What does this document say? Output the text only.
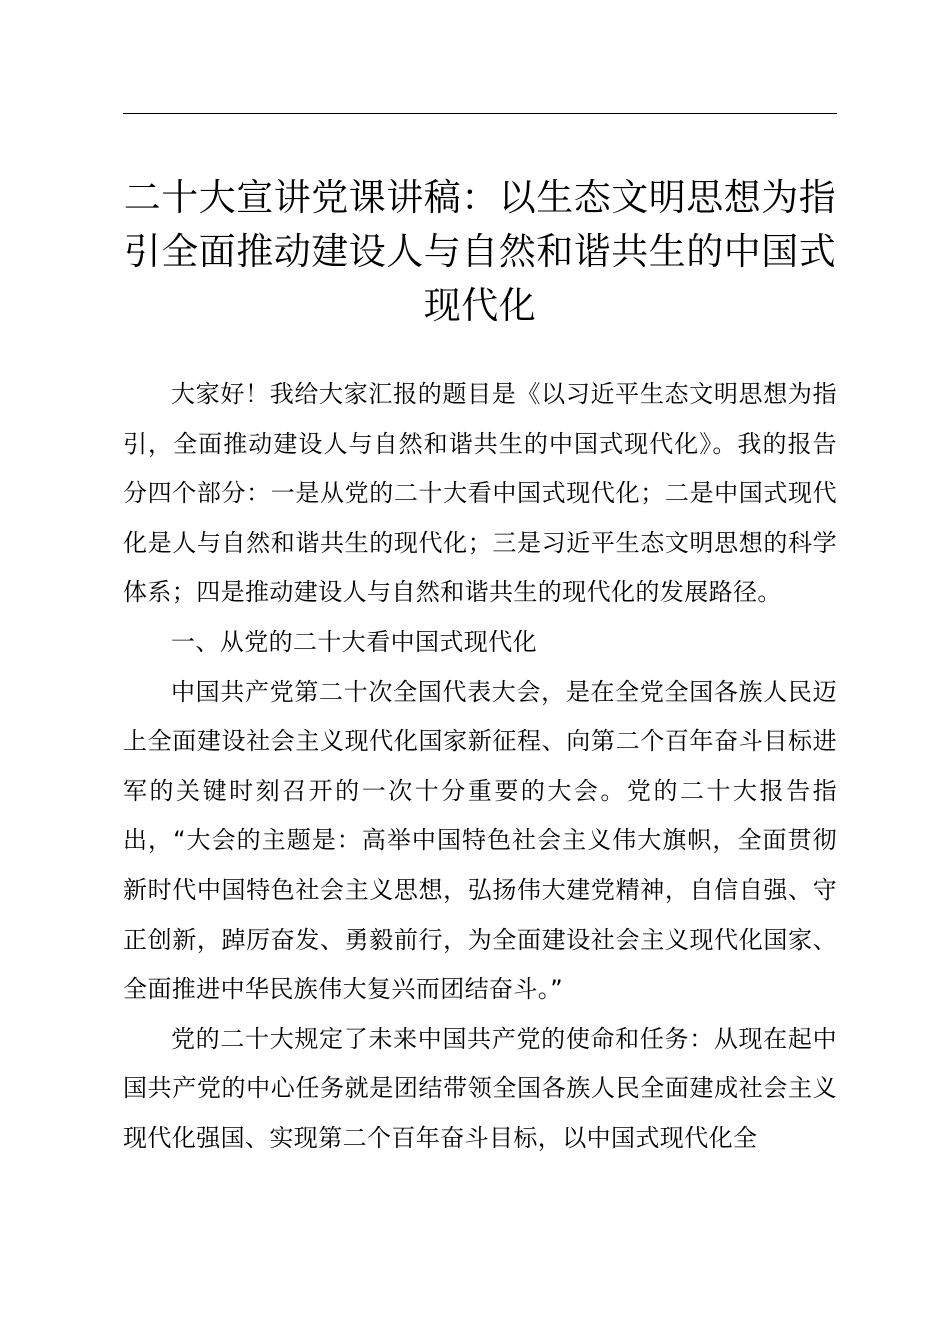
二十大宣讲党课讲稿：以生态文明思想为指引全面推动建设人与自然和谐共生的中国式现代化

大家好！我给大家汇报的题目是《以习近平生态文明思想为指引，全面推动建设人与自然和谐共生的中国式现代化》。我的报告分四个部分：一是从党的二十大看中国式现代化；二是中国式现代化是人与自然和谐共生的现代化；三是习近平生态文明思想的科学体系；四是推动建设人与自然和谐共生的现代化的发展路径。

一、从党的二十大看中国式现代化

中国共产党第二十次全国代表大会，是在全党全国各族人民迈上全面建设社会主义现代化国家新征程、向第二个百年奋斗目标进军的关键时刻召开的一次十分重要的大会。党的二十大报告指出，“大会的主题是：高举中国特色社会主义伟大旗帜，全面贯彻新时代中国特色社会主义思想，弘扬伟大建党精神，自信自强、守正创新，踔厉奋发、勇毅前行，为全面建设社会主义现代化国家、全面推进中华民族伟大复兴而团结奋斗。”

党的二十大规定了未来中国共产党的使命和任务：从现在起中国共产党的中心任务就是团结带领全国各族人民全面建成社会主义现代化强国、实现第二个百年奋斗目标，以中国式现代化全
